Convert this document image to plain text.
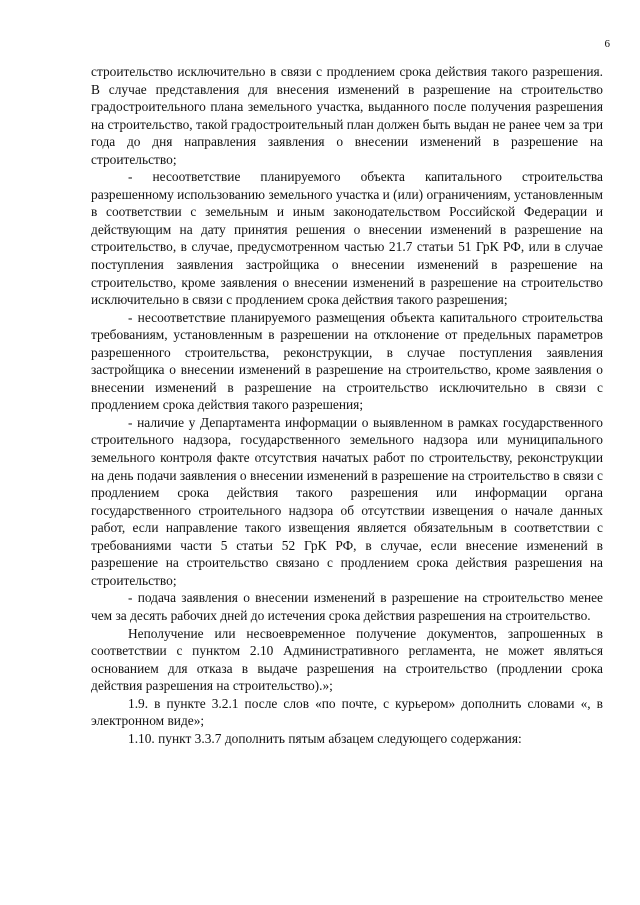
6

строительство исключительно в связи с продлением срока действия такого разрешения. В случае представления для внесения изменений в разрешение на строительство градостроительного плана земельного участка, выданного после получения разрешения на строительство, такой градостроительный план должен быть выдан не ранее чем за три года до дня направления заявления о внесении изменений в разрешение на строительство;

- несоответствие планируемого объекта капитального строительства разрешенному использованию земельного участка и (или) ограничениям, установленным в соответствии с земельным и иным законодательством Российской Федерации и действующим на дату принятия решения о внесении изменений в разрешение на строительство, в случае, предусмотренном частью 21.7 статьи 51 ГрК РФ, или в случае поступления заявления застройщика о внесении изменений в разрешение на строительство, кроме заявления о внесении изменений в разрешение на строительство исключительно в связи с продлением срока действия такого разрешения;

- несоответствие планируемого размещения объекта капитального строительства требованиям, установленным в разрешении на отклонение от предельных параметров разрешенного строительства, реконструкции, в случае поступления заявления застройщика о внесении изменений в разрешение на строительство, кроме заявления о внесении изменений в разрешение на строительство исключительно в связи с продлением срока действия такого разрешения;

- наличие у Департамента информации о выявленном в рамках государственного строительного надзора, государственного земельного надзора или муниципального земельного контроля факте отсутствия начатых работ по строительству, реконструкции на день подачи заявления о внесении изменений в разрешение на строительство в связи с продлением срока действия такого разрешения или информации органа государственного строительного надзора об отсутствии извещения о начале данных работ, если направление такого извещения является обязательным в соответствии с требованиями части 5 статьи 52 ГрК РФ, в случае, если внесение изменений в разрешение на строительство связано с продлением срока действия разрешения на строительство;

- подача заявления о внесении изменений в разрешение на строительство менее чем за десять рабочих дней до истечения срока действия разрешения на строительство.

Неполучение или несвоевременное получение документов, запрошенных в соответствии с пунктом 2.10 Административного регламента, не может являться основанием для отказа в выдаче разрешения на строительство (продлении срока действия разрешения на строительство).»;

1.9. в пункте 3.2.1 после слов «по почте, с курьером» дополнить словами «, в электронном виде»;

1.10. пункт 3.3.7 дополнить пятым абзацем следующего содержания:
